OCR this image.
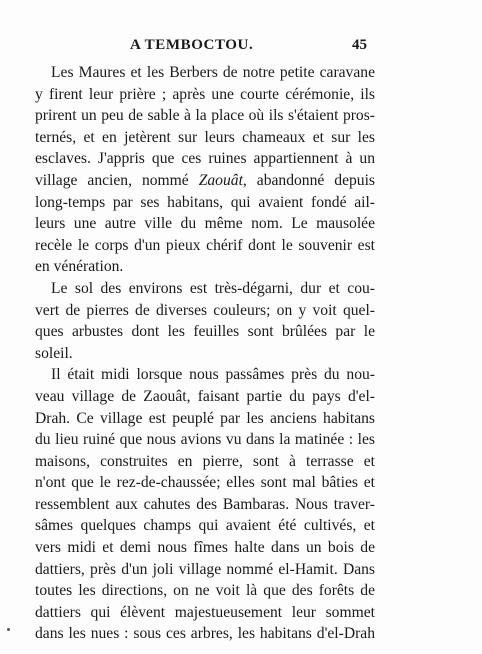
A TEMBOCTOU.	45
Les Maures et les Berbers de notre petite caravane
y firent leur prière ; après une courte cérémonie, ils
prirent un peu de sable à la place où ils s'étaient pros-
ternés, et en jetèrent sur leurs chameaux et sur les
esclaves. J'appris que ces ruines appartiennent à un
village ancien, nommé Zaouât, abandonné depuis
long-temps par ses habitans, qui avaient fondé ail-
leurs une autre ville du même nom. Le mausolée
recèle le corps d'un pieux chérif dont le souvenir est
en vénération.
Le sol des environs est très-dégarni, dur et cou-
vert de pierres de diverses couleurs; on y voit quel-
ques arbustes dont les feuilles sont brûlées par le
soleil.
Il était midi lorsque nous passâmes près du nou-
veau village de Zaouât, faisant partie du pays d'el-
Drah. Ce village est peuplé par les anciens habitans
du lieu ruiné que nous avions vu dans la matinée : les
maisons, construites en pierre, sont à terrasse et
n'ont que le rez-de-chaussée; elles sont mal bâties et
ressemblent aux cahutes des Bambaras. Nous traver-
sâmes quelques champs qui avaient été cultivés, et
vers midi et demi nous fîmes halte dans un bois de
dattiers, près d'un joli village nommé el-Hamit. Dans
toutes les directions, on ne voit là que des forêts de
dattiers qui élèvent majestueusement leur sommet
dans les nues : sous ces arbres, les habitans d'el-Drah
